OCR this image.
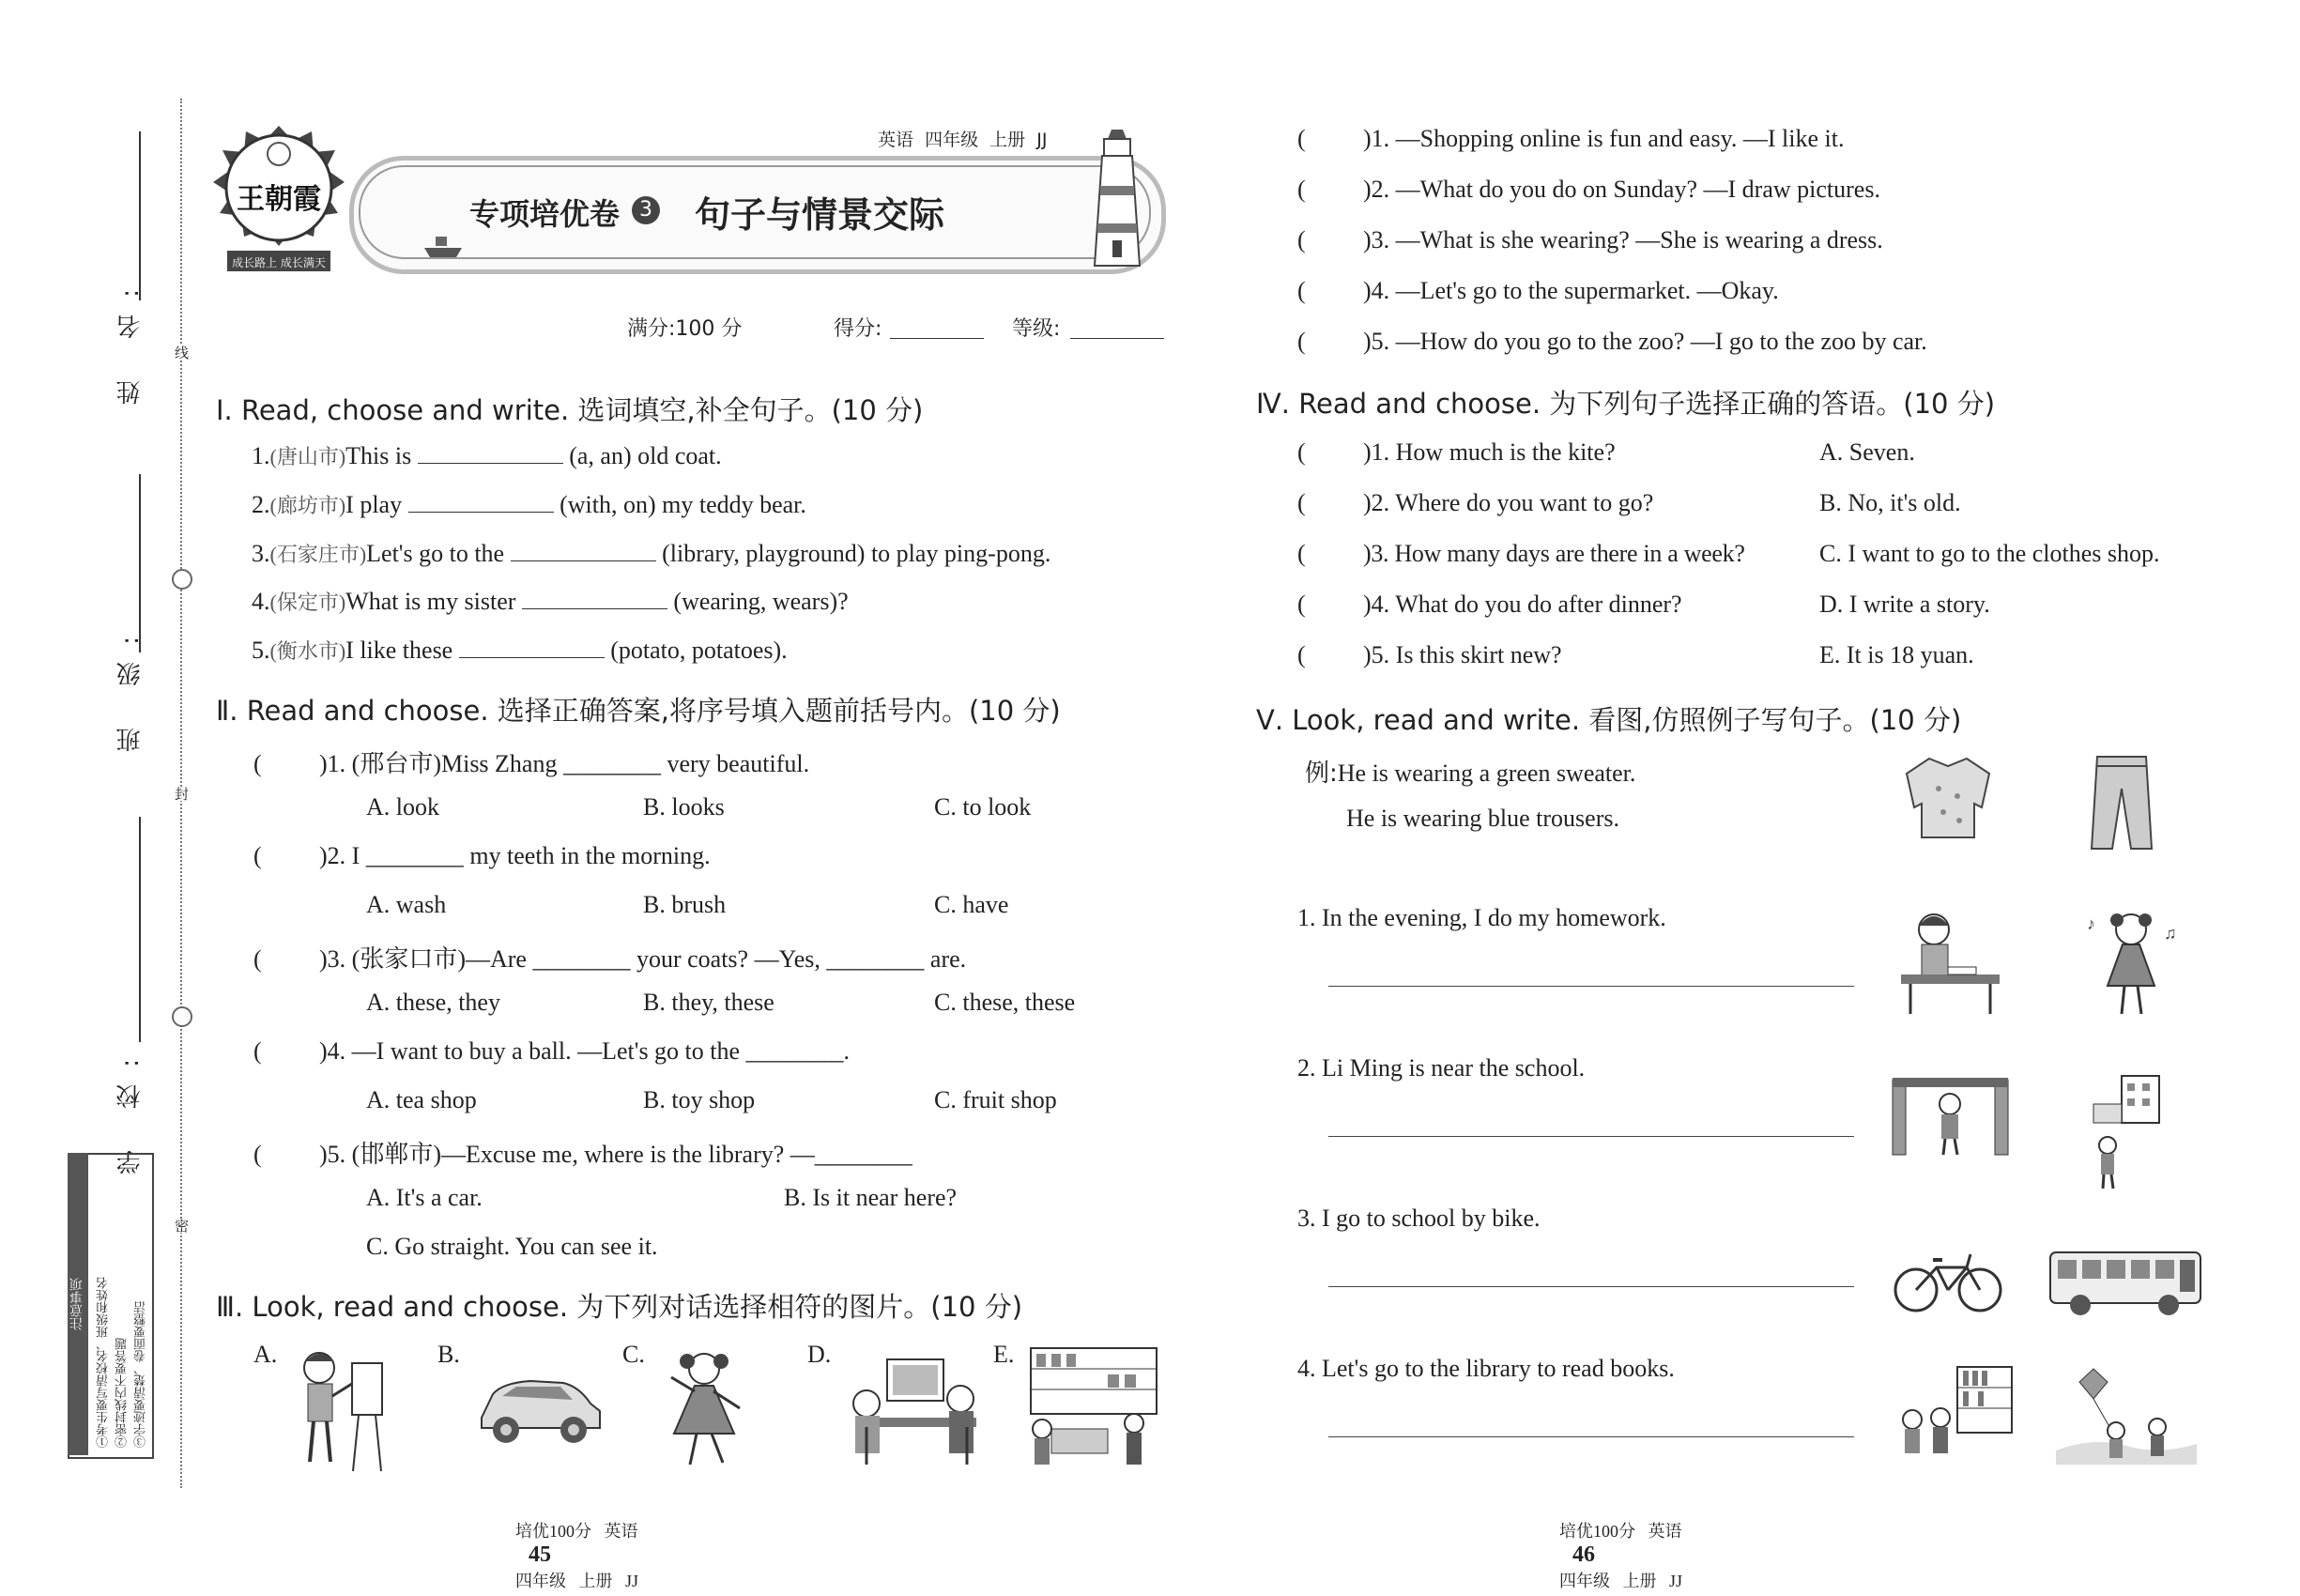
姓 名:
班 级:
学 校:
线
封
密
注意事项 ①考生要写清校名、班级和姓名 ②密封线内不要答题 ③字迹要清楚、卷面要整洁
王朝霞
成长路上 成长满天
英语  四年级  上册  JJ
专项培优卷 3 句子与情景交际
满分:100 分	得分:	等级:
Ⅰ. Read, choose and write. 选词填空,补全句子。(10 分)
1.(唐山市)This is	(a, an) old coat.
2.(廊坊市)I play	(with, on) my teddy bear.
3.(石家庄市)Let's go to the	(library, playground) to play ping-pong.
4.(保定市)What is my sister	(wearing, wears)?
5.(衡水市)I like these	(potato, potatoes).
Ⅱ. Read and choose. 选择正确答案,将序号填入题前括号内。(10 分)
( )1. (邢台市)Miss Zhang ________ very beautiful.
A. look	B. looks	C. to look
( )2. I ________ my teeth in the morning.
A. wash	B. brush	C. have
( )3. (张家口市)—Are ________ your coats? —Yes, ________ are.
A. these, they	B. they, these	C. these, these
( )4. —I want to buy a ball. —Let's go to the ________.
A. tea shop	B. toy shop	C. fruit shop
( )5. (邯郸市)—Excuse me, where is the library? —________
A. It's a car.	B. Is it near here?
C. Go straight. You can see it.
Ⅲ. Look, read and choose. 为下列对话选择相符的图片。(10 分)
A.	B.	C.	D.	E.

培优100分   英语
45
四年级   上册   JJ

( )1. —Shopping online is fun and easy. —I like it.
( )2. —What do you do on Sunday? —I draw pictures.
( )3. —What is she wearing? —She is wearing a dress.
( )4. —Let's go to the supermarket. —Okay.
( )5. —How do you go to the zoo? —I go to the zoo by car.
Ⅳ. Read and choose. 为下列句子选择正确的答语。(10 分)
( )1. How much is the kite?	A. Seven.
( )2. Where do you want to go?	B. No, it's old.
( )3. How many days are there in a week?	C. I want to go to the clothes shop.
( )4. What do you do after dinner?	D. I write a story.
( )5. Is this skirt new?	E. It is 18 yuan.
Ⅴ. Look, read and write. 看图,仿照例子写句子。(10 分)
例:He is wearing a green sweater.
He is wearing blue trousers.
1. In the evening, I do my homework.	♪	♫
2. Li Ming is near the school.
3. I go to school by bike.
4. Let's go to the library to read books.

培优100分   英语
46
四年级   上册   JJ
